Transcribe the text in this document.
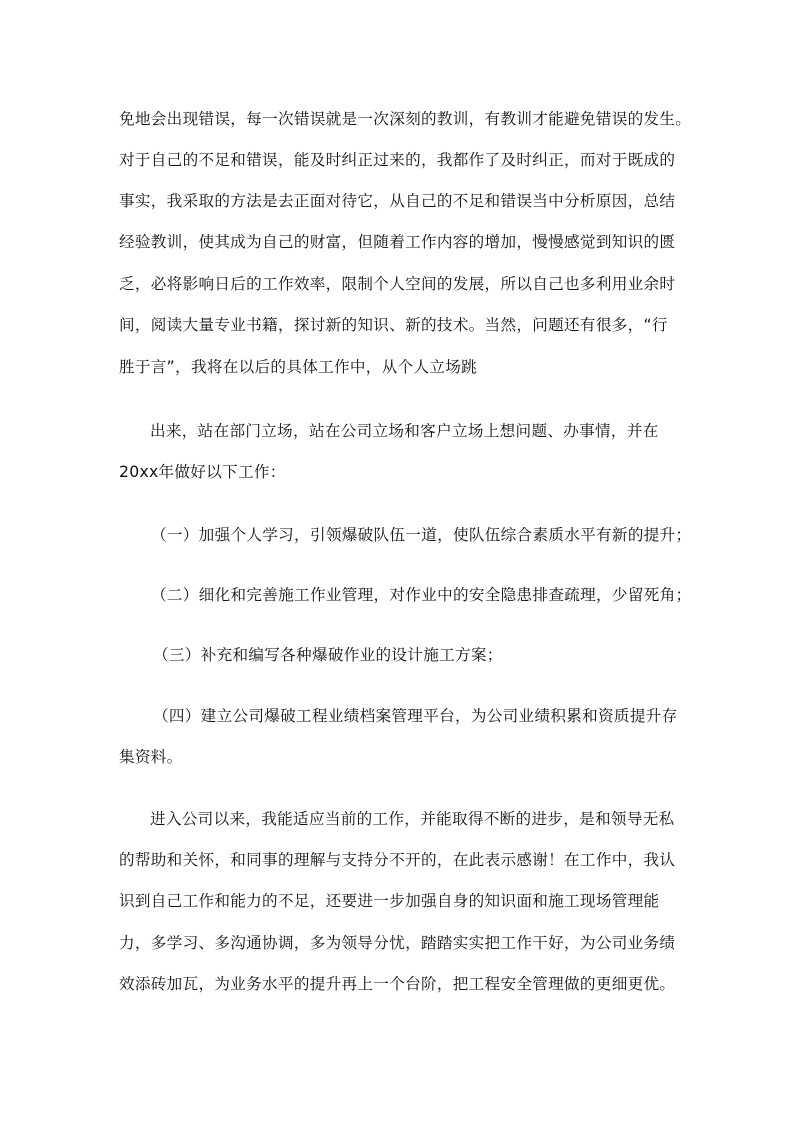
免地会出现错误，每一次错误就是一次深刻的教训，有教训才能避免错误的发生。
对于自己的不足和错误，能及时纠正过来的，我都作了及时纠正，而对于既成的
事实，我采取的方法是去正面对待它，从自己的不足和错误当中分析原因，总结
经验教训，使其成为自己的财富，但随着工作内容的增加，慢慢感觉到知识的匮
乏，必将影响日后的工作效率，限制个人空间的发展，所以自己也多利用业余时
间，阅读大量专业书籍，探讨新的知识、新的技术。当然，问题还有很多，“行
胜于言”，我将在以后的具体工作中，从个人立场跳
出来，站在部门立场，站在公司立场和客户立场上想问题、办事情，并在
20xx年做好以下工作：
（一）加强个人学习，引领爆破队伍一道，使队伍综合素质水平有新的提升；
（二）细化和完善施工作业管理，对作业中的安全隐患排查疏理，少留死角；
（三）补充和编写各种爆破作业的设计施工方案；
（四）建立公司爆破工程业绩档案管理平台，为公司业绩积累和资质提升存
集资料。
进入公司以来，我能适应当前的工作，并能取得不断的进步，是和领导无私
的帮助和关怀，和同事的理解与支持分不开的，在此表示感谢！在工作中，我认
识到自己工作和能力的不足，还要进一步加强自身的知识面和施工现场管理能
力，多学习、多沟通协调，多为领导分忧，踏踏实实把工作干好，为公司业务绩
效添砖加瓦，为业务水平的提升再上一个台阶，把工程安全管理做的更细更优。
